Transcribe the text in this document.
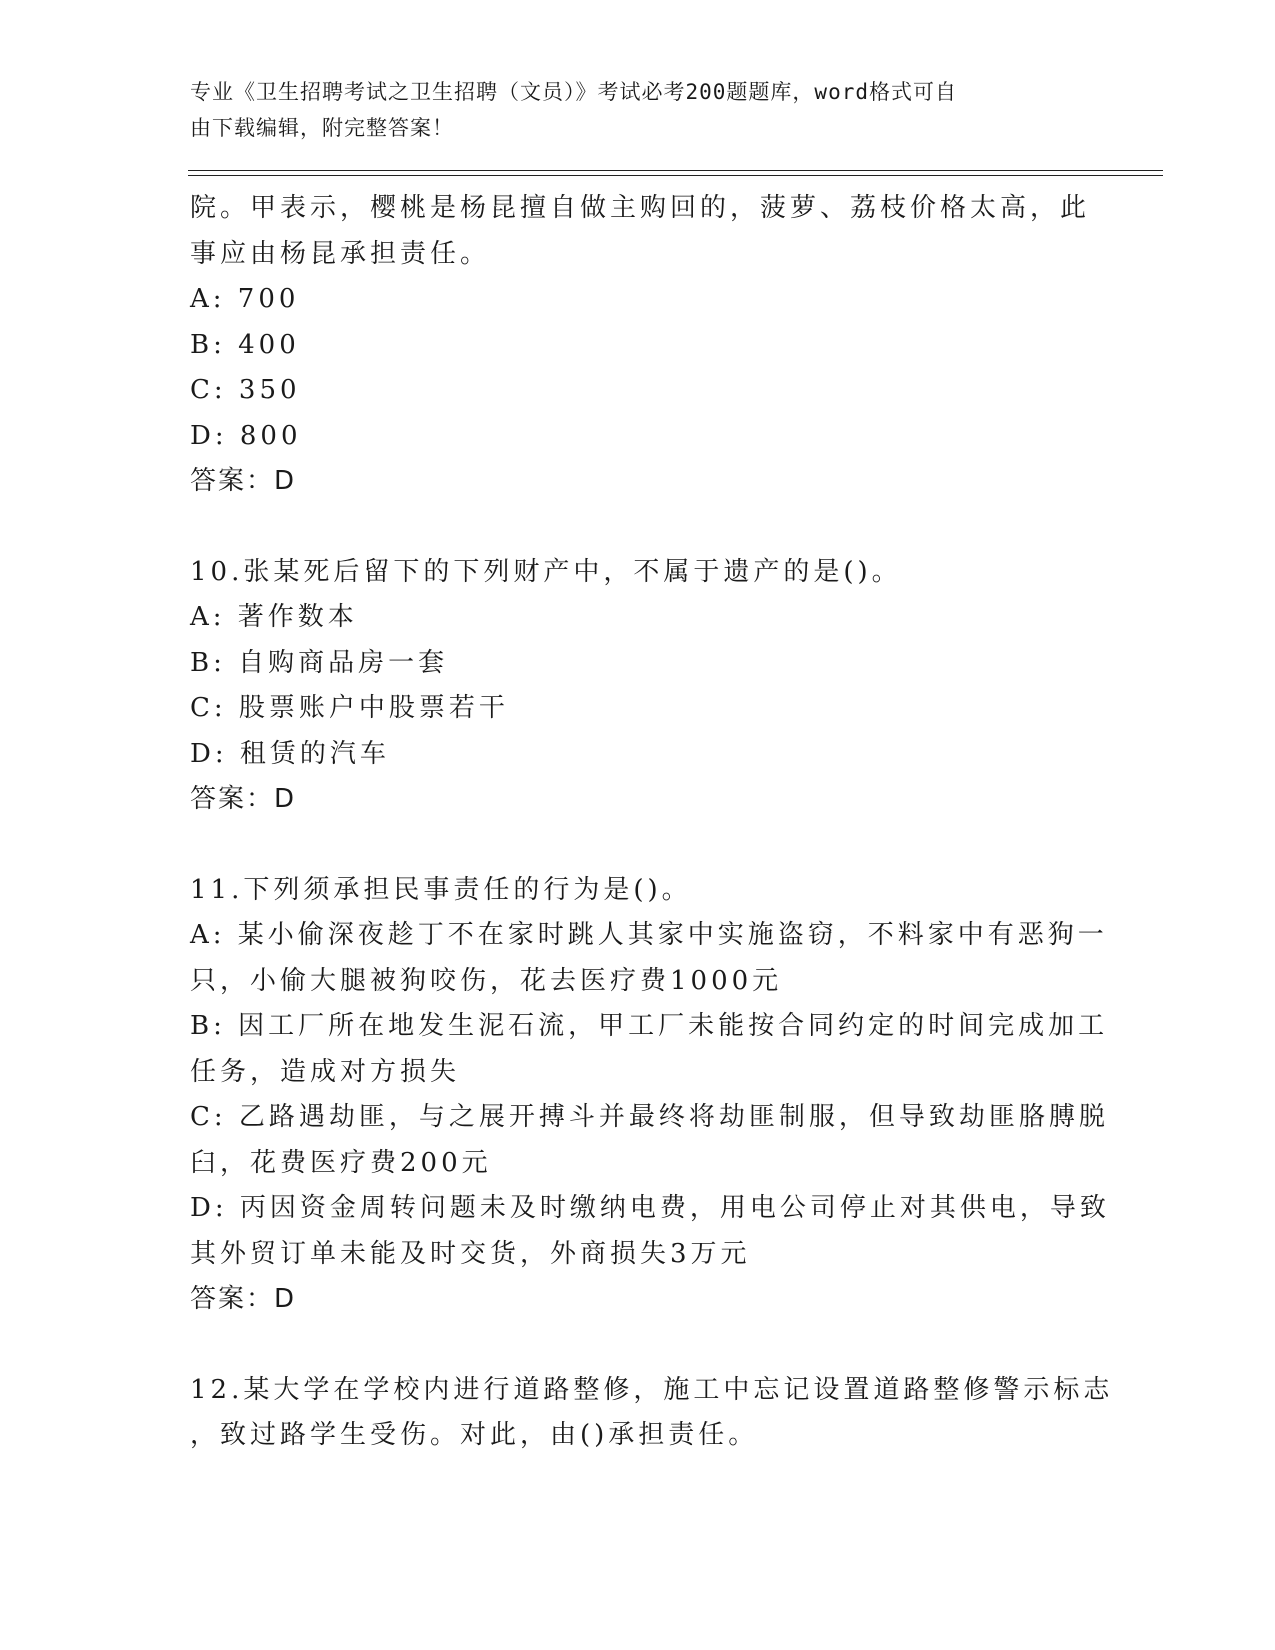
专业《卫生招聘考试之卫生招聘（文员）》考试必考200题题库，word格式可自
由下载编辑，附完整答案！
院。甲表示，樱桃是杨昆擅自做主购回的，菠萝、荔枝价格太高，此
事应由杨昆承担责任。
A: 700
B: 400
C: 350
D: 800
答案：D
10.张某死后留下的下列财产中，不属于遗产的是()。
A: 著作数本
B: 自购商品房一套
C: 股票账户中股票若干
D: 租赁的汽车
答案：D
11.下列须承担民事责任的行为是()。
A: 某小偷深夜趁丁不在家时跳人其家中实施盗窃，不料家中有恶狗一
只，小偷大腿被狗咬伤，花去医疗费1000元
B: 因工厂所在地发生泥石流，甲工厂未能按合同约定的时间完成加工
任务，造成对方损失
C: 乙路遇劫匪，与之展开搏斗并最终将劫匪制服，但导致劫匪胳膊脱
臼，花费医疗费200元
D: 丙因资金周转问题未及时缴纳电费，用电公司停止对其供电，导致
其外贸订单未能及时交货，外商损失3万元
答案：D
12.某大学在学校内进行道路整修，施工中忘记设置道路整修警示标志
，致过路学生受伤。对此，由()承担责任。
